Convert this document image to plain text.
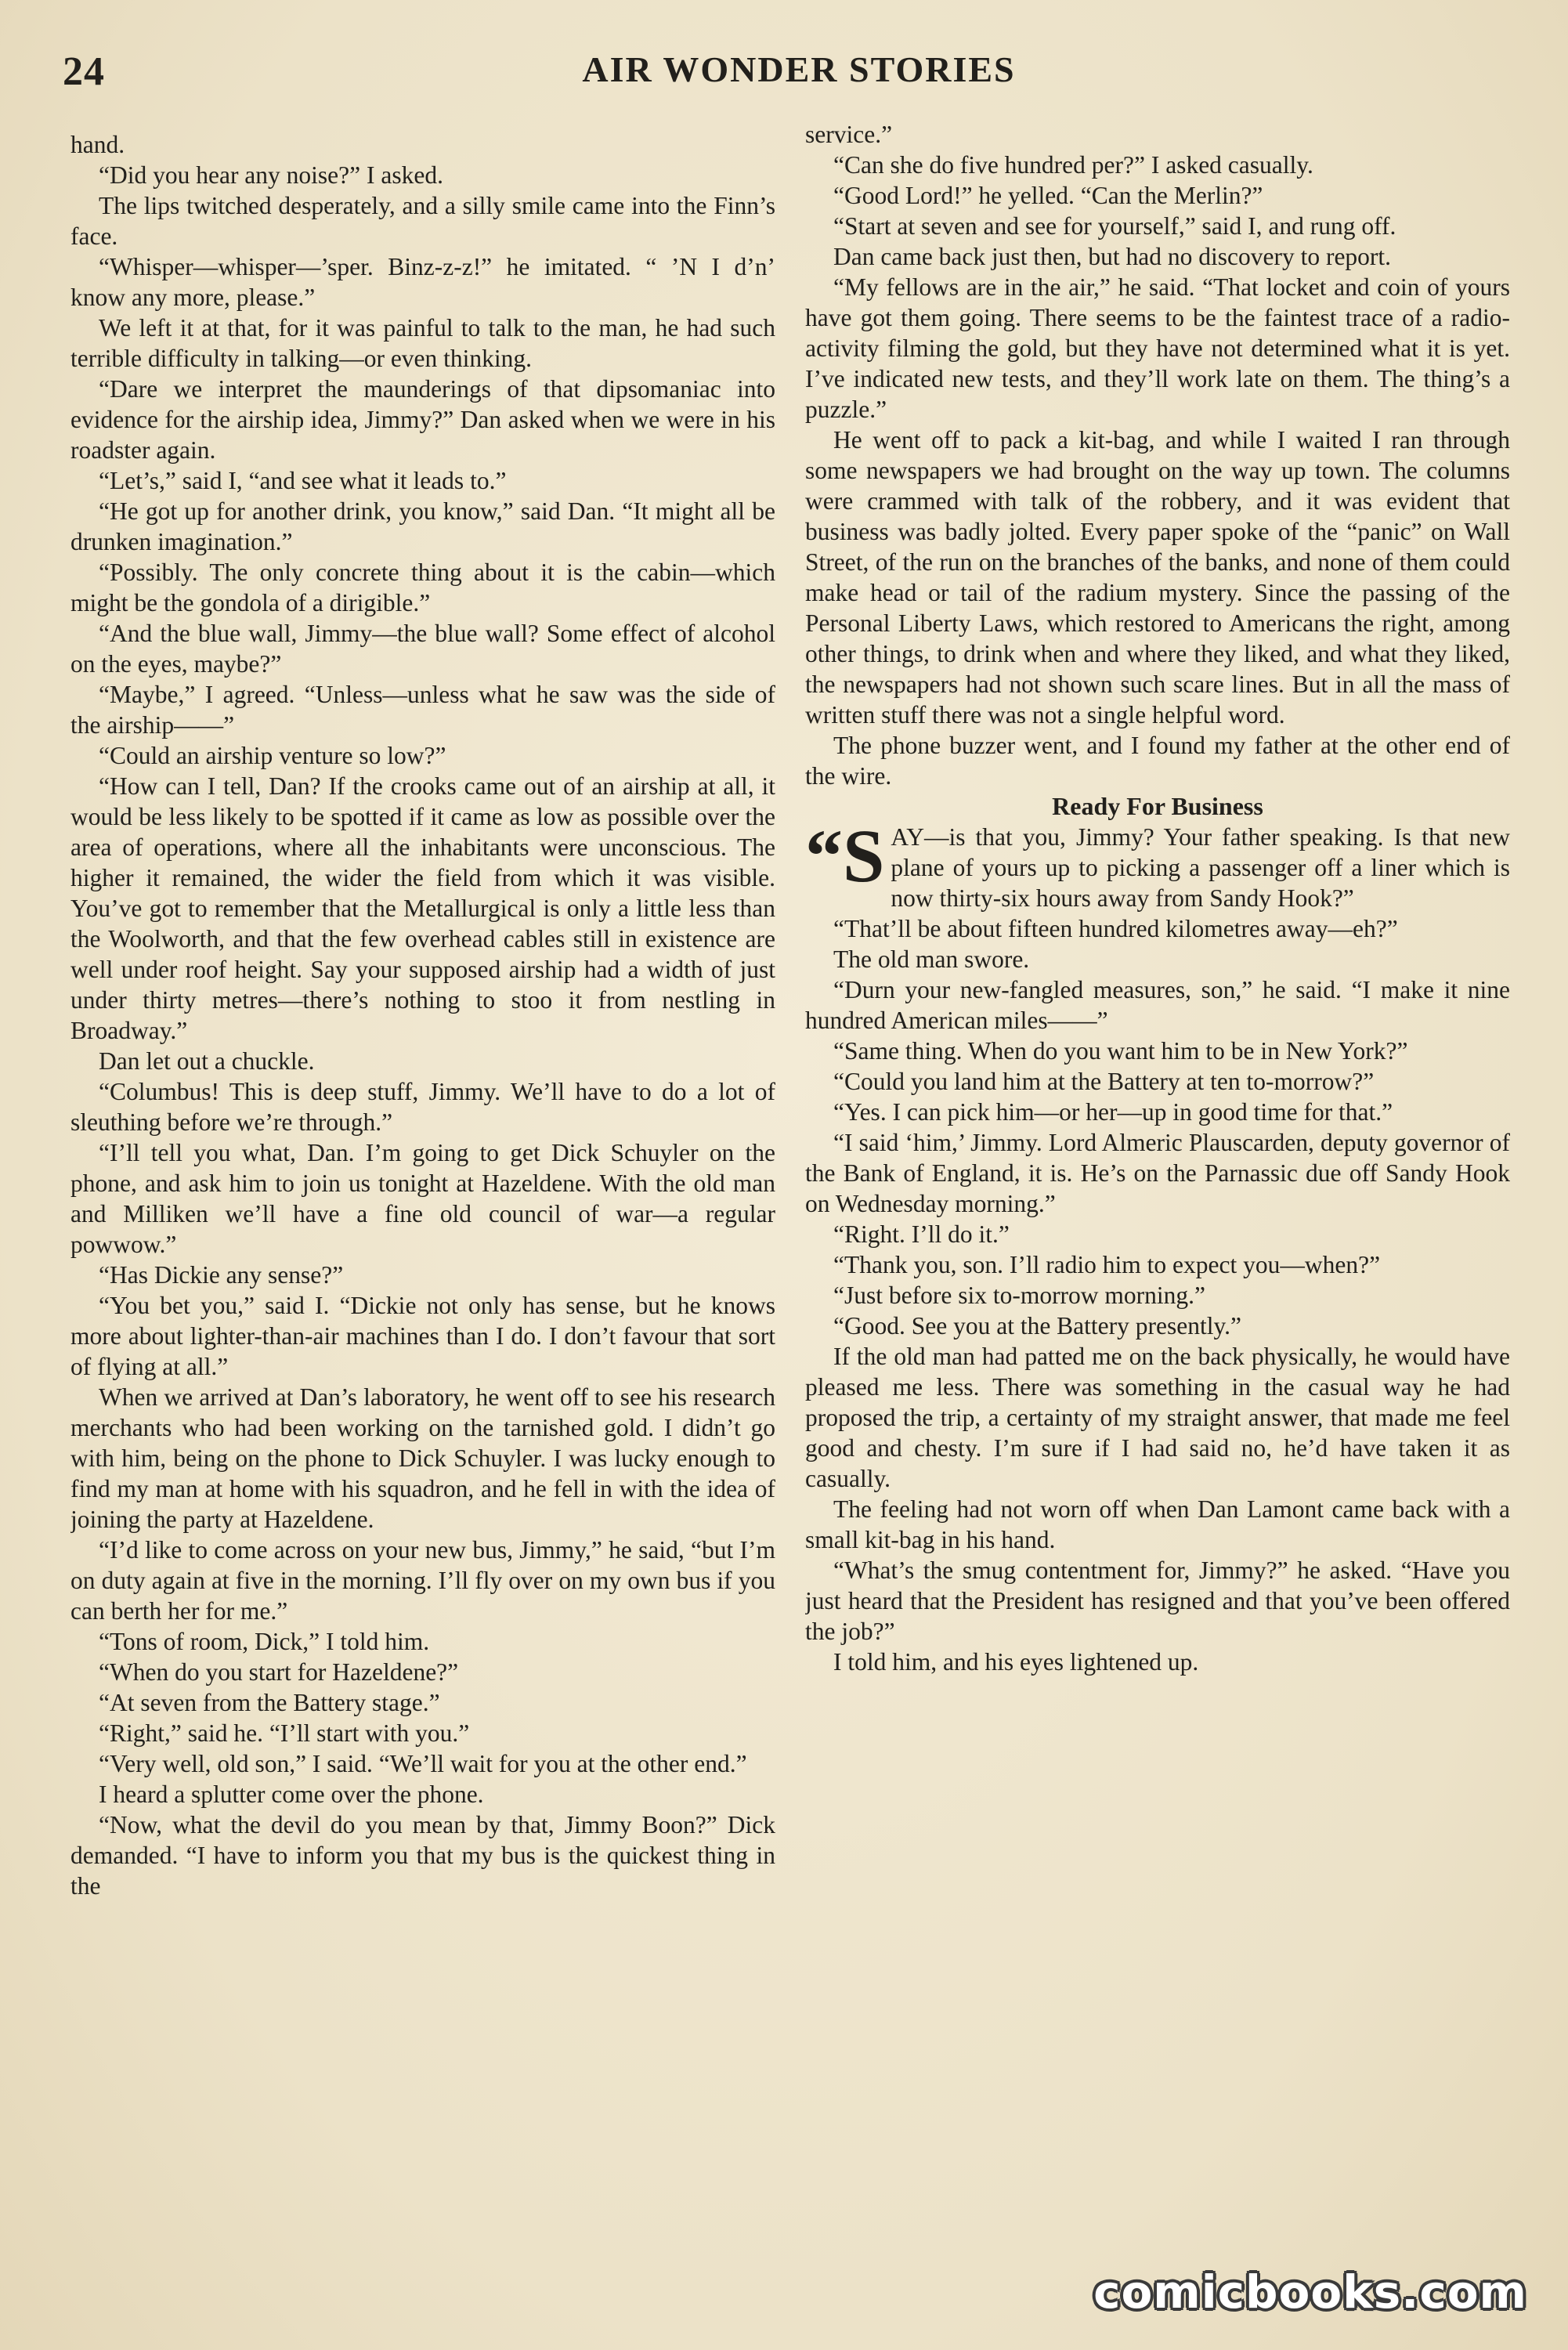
24	AIR WONDER STORIES

hand.

“Did you hear any noise?” I asked.

The lips twitched desperately, and a silly smile came into the Finn’s face.

“Whisper—whisper—’sper. Binz-z-z!” he imitated. “ ’N I d’n’ know any more, please.”

We left it at that, for it was painful to talk to the man, he had such terrible difficulty in talking—or even thinking.

“Dare we interpret the maunderings of that dipsomaniac into evidence for the airship idea, Jimmy?” Dan asked when we were in his roadster again.

“Let’s,” said I, “and see what it leads to.”

“He got up for another drink, you know,” said Dan. “It might all be drunken imagination.”

“Possibly. The only concrete thing about it is the cabin—which might be the gondola of a dirigible.”

“And the blue wall, Jimmy—the blue wall? Some effect of alcohol on the eyes, maybe?”

“Maybe,” I agreed. “Unless—unless what he saw was the side of the airship——”

“Could an airship venture so low?”

“How can I tell, Dan? If the crooks came out of an airship at all, it would be less likely to be spotted if it came as low as possible over the area of operations, where all the inhabitants were unconscious. The higher it remained, the wider the field from which it was visible. You’ve got to remember that the Metallurgical is only a little less than the Woolworth, and that the few overhead cables still in existence are well under roof height. Say your supposed airship had a width of just under thirty metres—there’s nothing to stoo it from nestling in Broadway.”

Dan let out a chuckle.

“Columbus! This is deep stuff, Jimmy. We’ll have to do a lot of sleuthing before we’re through.”

“I’ll tell you what, Dan. I’m going to get Dick Schuyler on the phone, and ask him to join us tonight at Hazeldene. With the old man and Milliken we’ll have a fine old council of war—a regular powwow.”

“Has Dickie any sense?”

“You bet you,” said I. “Dickie not only has sense, but he knows more about lighter-than-air machines than I do. I don’t favour that sort of flying at all.”

When we arrived at Dan’s laboratory, he went off to see his research merchants who had been working on the tarnished gold. I didn’t go with him, being on the phone to Dick Schuyler. I was lucky enough to find my man at home with his squadron, and he fell in with the idea of joining the party at Hazeldene.

“I’d like to come across on your new bus, Jimmy,” he said, “but I’m on duty again at five in the morning. I’ll fly over on my own bus if you can berth her for me.”

“Tons of room, Dick,” I told him.

“When do you start for Hazeldene?”

“At seven from the Battery stage.”

“Right,” said he. “I’ll start with you.”

“Very well, old son,” I said. “We’ll wait for you at the other end.”

I heard a splutter come over the phone.

“Now, what the devil do you mean by that, Jimmy Boon?” Dick demanded. “I have to inform you that my bus is the quickest thing in the

service.”

“Can she do five hundred per?” I asked casually.

“Good Lord!” he yelled. “Can the Merlin?”

“Start at seven and see for yourself,” said I, and rung off.

Dan came back just then, but had no discovery to report.

“My fellows are in the air,” he said. “That locket and coin of yours have got them going. There seems to be the faintest trace of a radio-activity filming the gold, but they have not determined what it is yet. I’ve indicated new tests, and they’ll work late on them. The thing’s a puzzle.”

He went off to pack a kit-bag, and while I waited I ran through some newspapers we had brought on the way up town. The columns were crammed with talk of the robbery, and it was evident that business was badly jolted. Every paper spoke of the “panic” on Wall Street, of the run on the branches of the banks, and none of them could make head or tail of the radium mystery. Since the passing of the Personal Liberty Laws, which restored to Americans the right, among other things, to drink when and where they liked, and what they liked, the newspapers had not shown such scare lines. But in all the mass of written stuff there was not a single helpful word.

The phone buzzer went, and I found my father at the other end of the wire.

Ready For Business

“S AY—is that you, Jimmy? Your father speaking. Is that new plane of yours up to picking a passenger off a liner which is now thirty-six hours away from Sandy Hook?”

“That’ll be about fifteen hundred kilometres away—eh?”

The old man swore.

“Durn your new-fangled measures, son,” he said. “I make it nine hundred American miles——”

“Same thing. When do you want him to be in New York?”

“Could you land him at the Battery at ten to-morrow?”

“Yes. I can pick him—or her—up in good time for that.”

“I said ‘him,’ Jimmy. Lord Almeric Plauscarden, deputy governor of the Bank of England, it is. He’s on the Parnassic due off Sandy Hook on Wednesday morning.”

“Right. I’ll do it.”

“Thank you, son. I’ll radio him to expect you—when?”

“Just before six to-morrow morning.”

“Good. See you at the Battery presently.”

If the old man had patted me on the back physically, he would have pleased me less. There was something in the casual way he had proposed the trip, a certainty of my straight answer, that made me feel good and chesty. I’m sure if I had said no, he’d have taken it as casually.

The feeling had not worn off when Dan Lamont came back with a small kit-bag in his hand.

“What’s the smug contentment for, Jimmy?” he asked. “Have you just heard that the President has resigned and that you’ve been offered the job?”

I told him, and his eyes lightened up.

comicbooks.com
